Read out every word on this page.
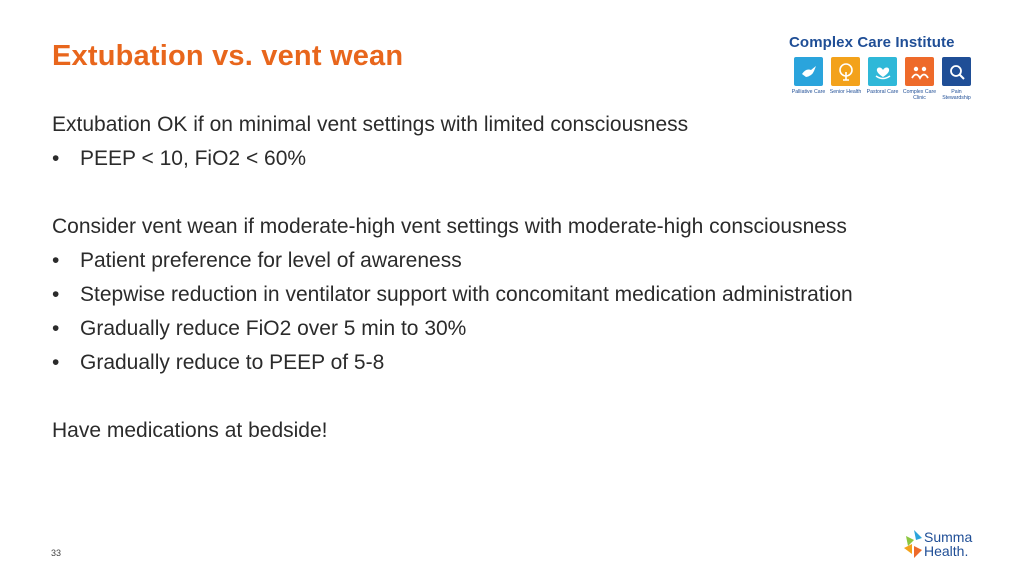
Extubation vs. vent wean	Complex Care Institute
Palliative Care Senior Health	Pastoral Care Complex Care Clinic
Pain Stewardship
Extubation OK if on minimal vent settings with limited consciousness
• PEEP < 10, FiO2 < 60%
Consider vent wean if moderate-high vent settings with moderate-high consciousness
• Patient preference for level of awareness
• Stepwise reduction in ventilator support with concomitant medication administration
• Gradually reduce FiO2 over 5 min to 30%
• Gradually reduce to PEEP of 5-8
Have medications at bedside!
33
Summa
Health.
